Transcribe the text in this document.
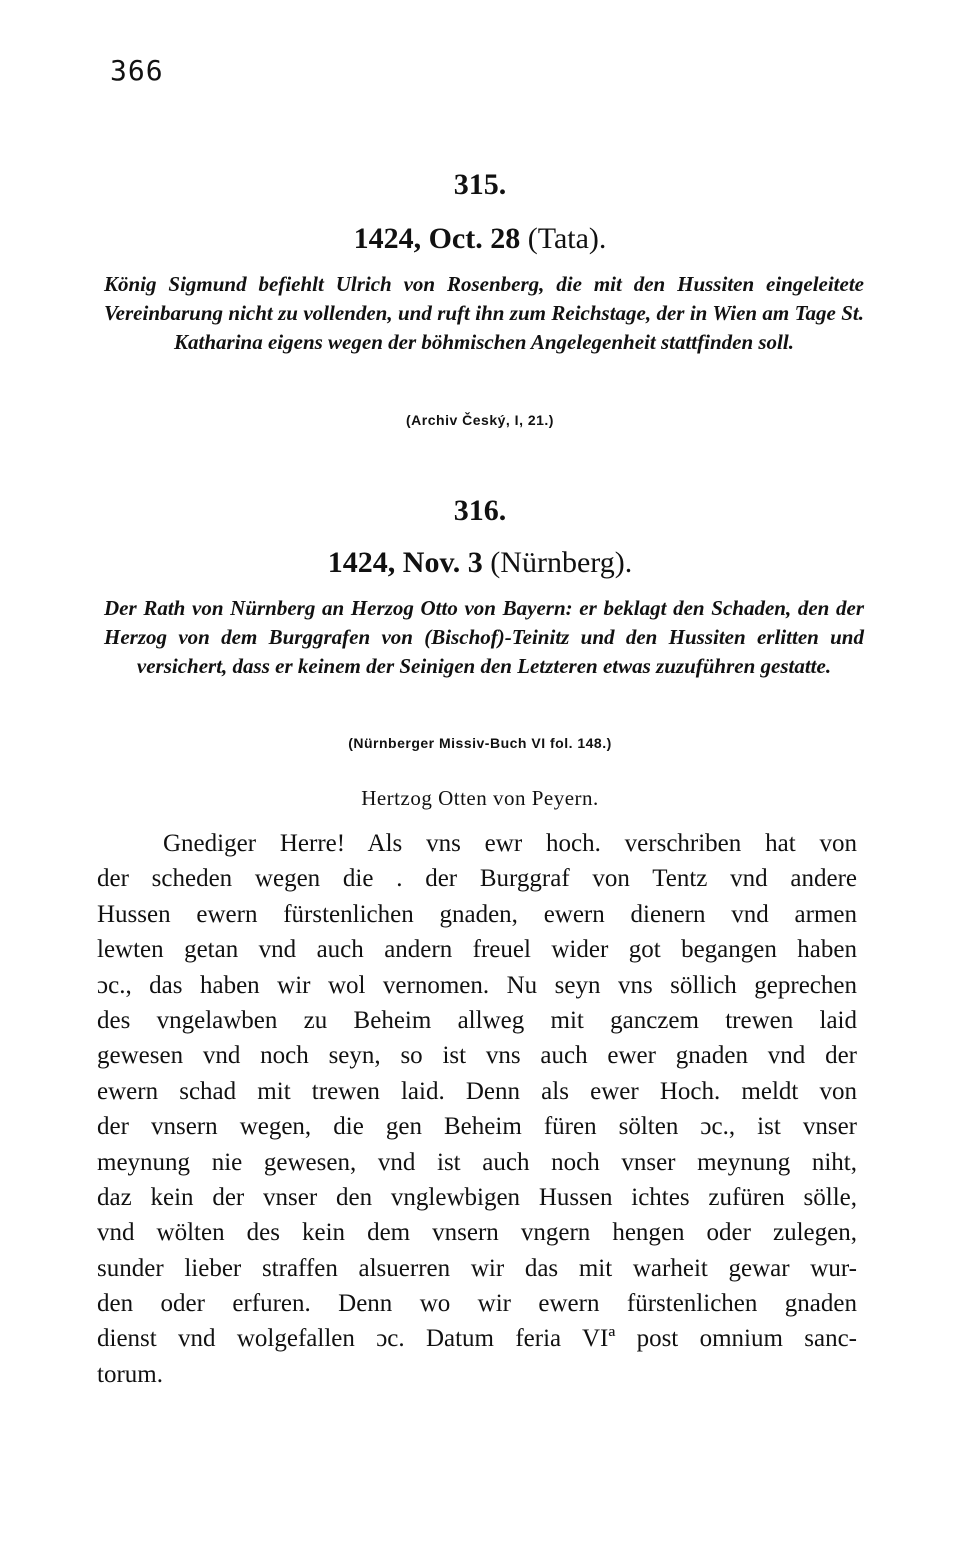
366
315.
1424, Oct. 28 (Tata).
König Sigmund befiehlt Ulrich von Rosenberg, die mit den Hussiten eingeleitete Vereinbarung nicht zu vollenden, und ruft ihn zum Reichstage, der in Wien am Tage St. Katharina eigens wegen der böhmischen Angelegenheit stattfinden soll.
(Archiv Český, I, 21.)
316.
1424, Nov. 3 (Nürnberg).
Der Rath von Nürnberg an Herzog Otto von Bayern: er beklagt den Schaden, den der Herzog von dem Burggrafen von (Bischof)-Teinitz und den Hussiten erlitten und versichert, dass er keinem der Seinigen den Letzteren etwas zuzuführen gestatte.
(Nürnberger Missiv-Buch VI fol. 148.)
Hertzog Otten von Peyern.
Gnediger Herre! Als vns ewr hoch. verschriben hat von
der scheden wegen die . der Burggraf von Tentz vnd andere
Hussen ewern fürstenlichen gnaden, ewern dienern vnd armen
lewten getan vnd auch andern freuel wider got begangen haben
ɔc., das haben wir wol vernomen. Nu seyn vns söllich geprechen
des vngelawben zu Beheim allweg mit ganczem trewen laid
gewesen vnd noch seyn, so ist vns auch ewer gnaden vnd der
ewern schad mit trewen laid. Denn als ewer Hoch. meldt von
der vnsern wegen, die gen Beheim füren sölten ɔc., ist vnser
meynung nie gewesen, vnd ist auch noch vnser meynung niht,
daz kein der vnser den vnglewbigen Hussen ichtes zufüren sölle,
vnd wölten des kein dem vnsern vngern hengen oder zulegen,
sunder lieber straffen alsuerren wir das mit warheit gewar wur-
den oder erfuren. Denn wo wir ewern fürstenlichen gnaden
dienst vnd wolgefallen ɔc. Datum feria VIª post omnium sanc-
torum.
